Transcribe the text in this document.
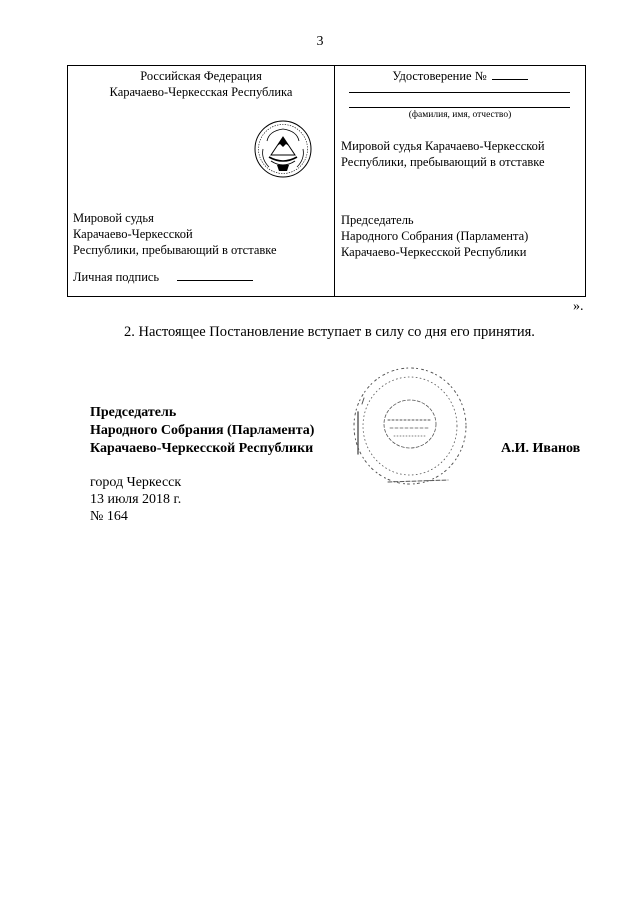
3
Российская Федерация
Карачаево-Черкесская Республика
Мировой судья
Карачаево-Черкесской
Республики, пребывающий в отставке
Личная подпись
Удостоверение №
(фамилия, имя, отчество)
Мировой судья Карачаево-Черкесской
Республики, пребывающий в отставке
Председатель
Народного Собрания (Парламента)
Карачаево-Черкесской Республики
».
2. Настоящее Постановление вступает в силу со дня его принятия.
Председатель
Народного Собрания (Парламента)
Карачаево-Черкесской Республики	А.И. Иванов
город Черкесск
13 июля 2018 г.
№ 164
